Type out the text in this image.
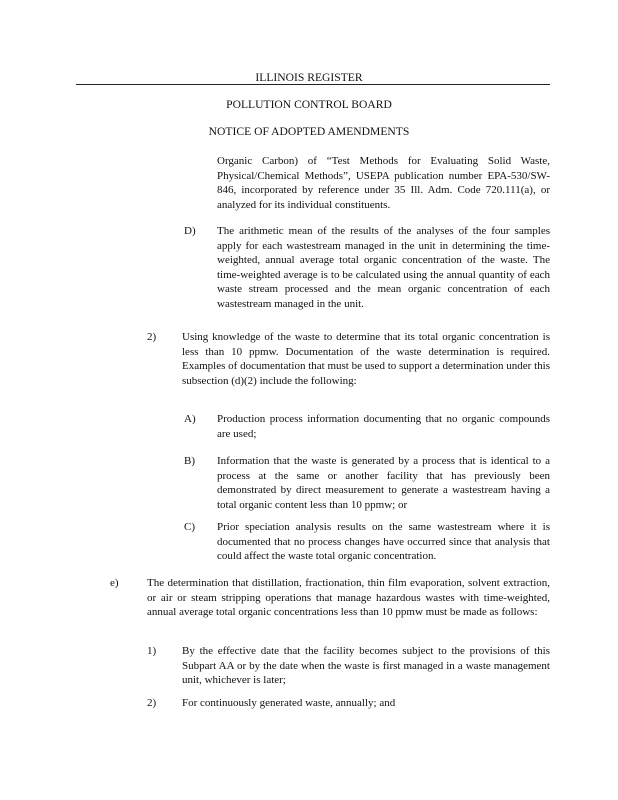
ILLINOIS REGISTER
POLLUTION CONTROL BOARD
NOTICE OF ADOPTED AMENDMENTS
Organic Carbon) of “Test Methods for Evaluating Solid Waste, Physical/Chemical Methods”, USEPA publication number EPA-530/SW-846, incorporated by reference under 35 Ill. Adm. Code 720.111(a), or analyzed for its individual constituents.
D) The arithmetic mean of the results of the analyses of the four samples apply for each wastestream managed in the unit in determining the time-weighted, annual average total organic concentration of the waste. The time-weighted average is to be calculated using the annual quantity of each waste stream processed and the mean organic concentration of each wastestream managed in the unit.
2) Using knowledge of the waste to determine that its total organic concentration is less than 10 ppmw. Documentation of the waste determination is required. Examples of documentation that must be used to support a determination under this subsection (d)(2) include the following:
A) Production process information documenting that no organic compounds are used;
B) Information that the waste is generated by a process that is identical to a process at the same or another facility that has previously been demonstrated by direct measurement to generate a wastestream having a total organic content less than 10 ppmw; or
C) Prior speciation analysis results on the same wastestream where it is documented that no process changes have occurred since that analysis that could affect the waste total organic concentration.
e)	The determination that distillation, fractionation, thin film evaporation, solvent extraction, or air or steam stripping operations that manage hazardous wastes with time-weighted, annual average total organic concentrations less than 10 ppmw must be made as follows:
1) By the effective date that the facility becomes subject to the provisions of this Subpart AA or by the date when the waste is first managed in a waste management unit, whichever is later;
2) For continuously generated waste, annually; and
